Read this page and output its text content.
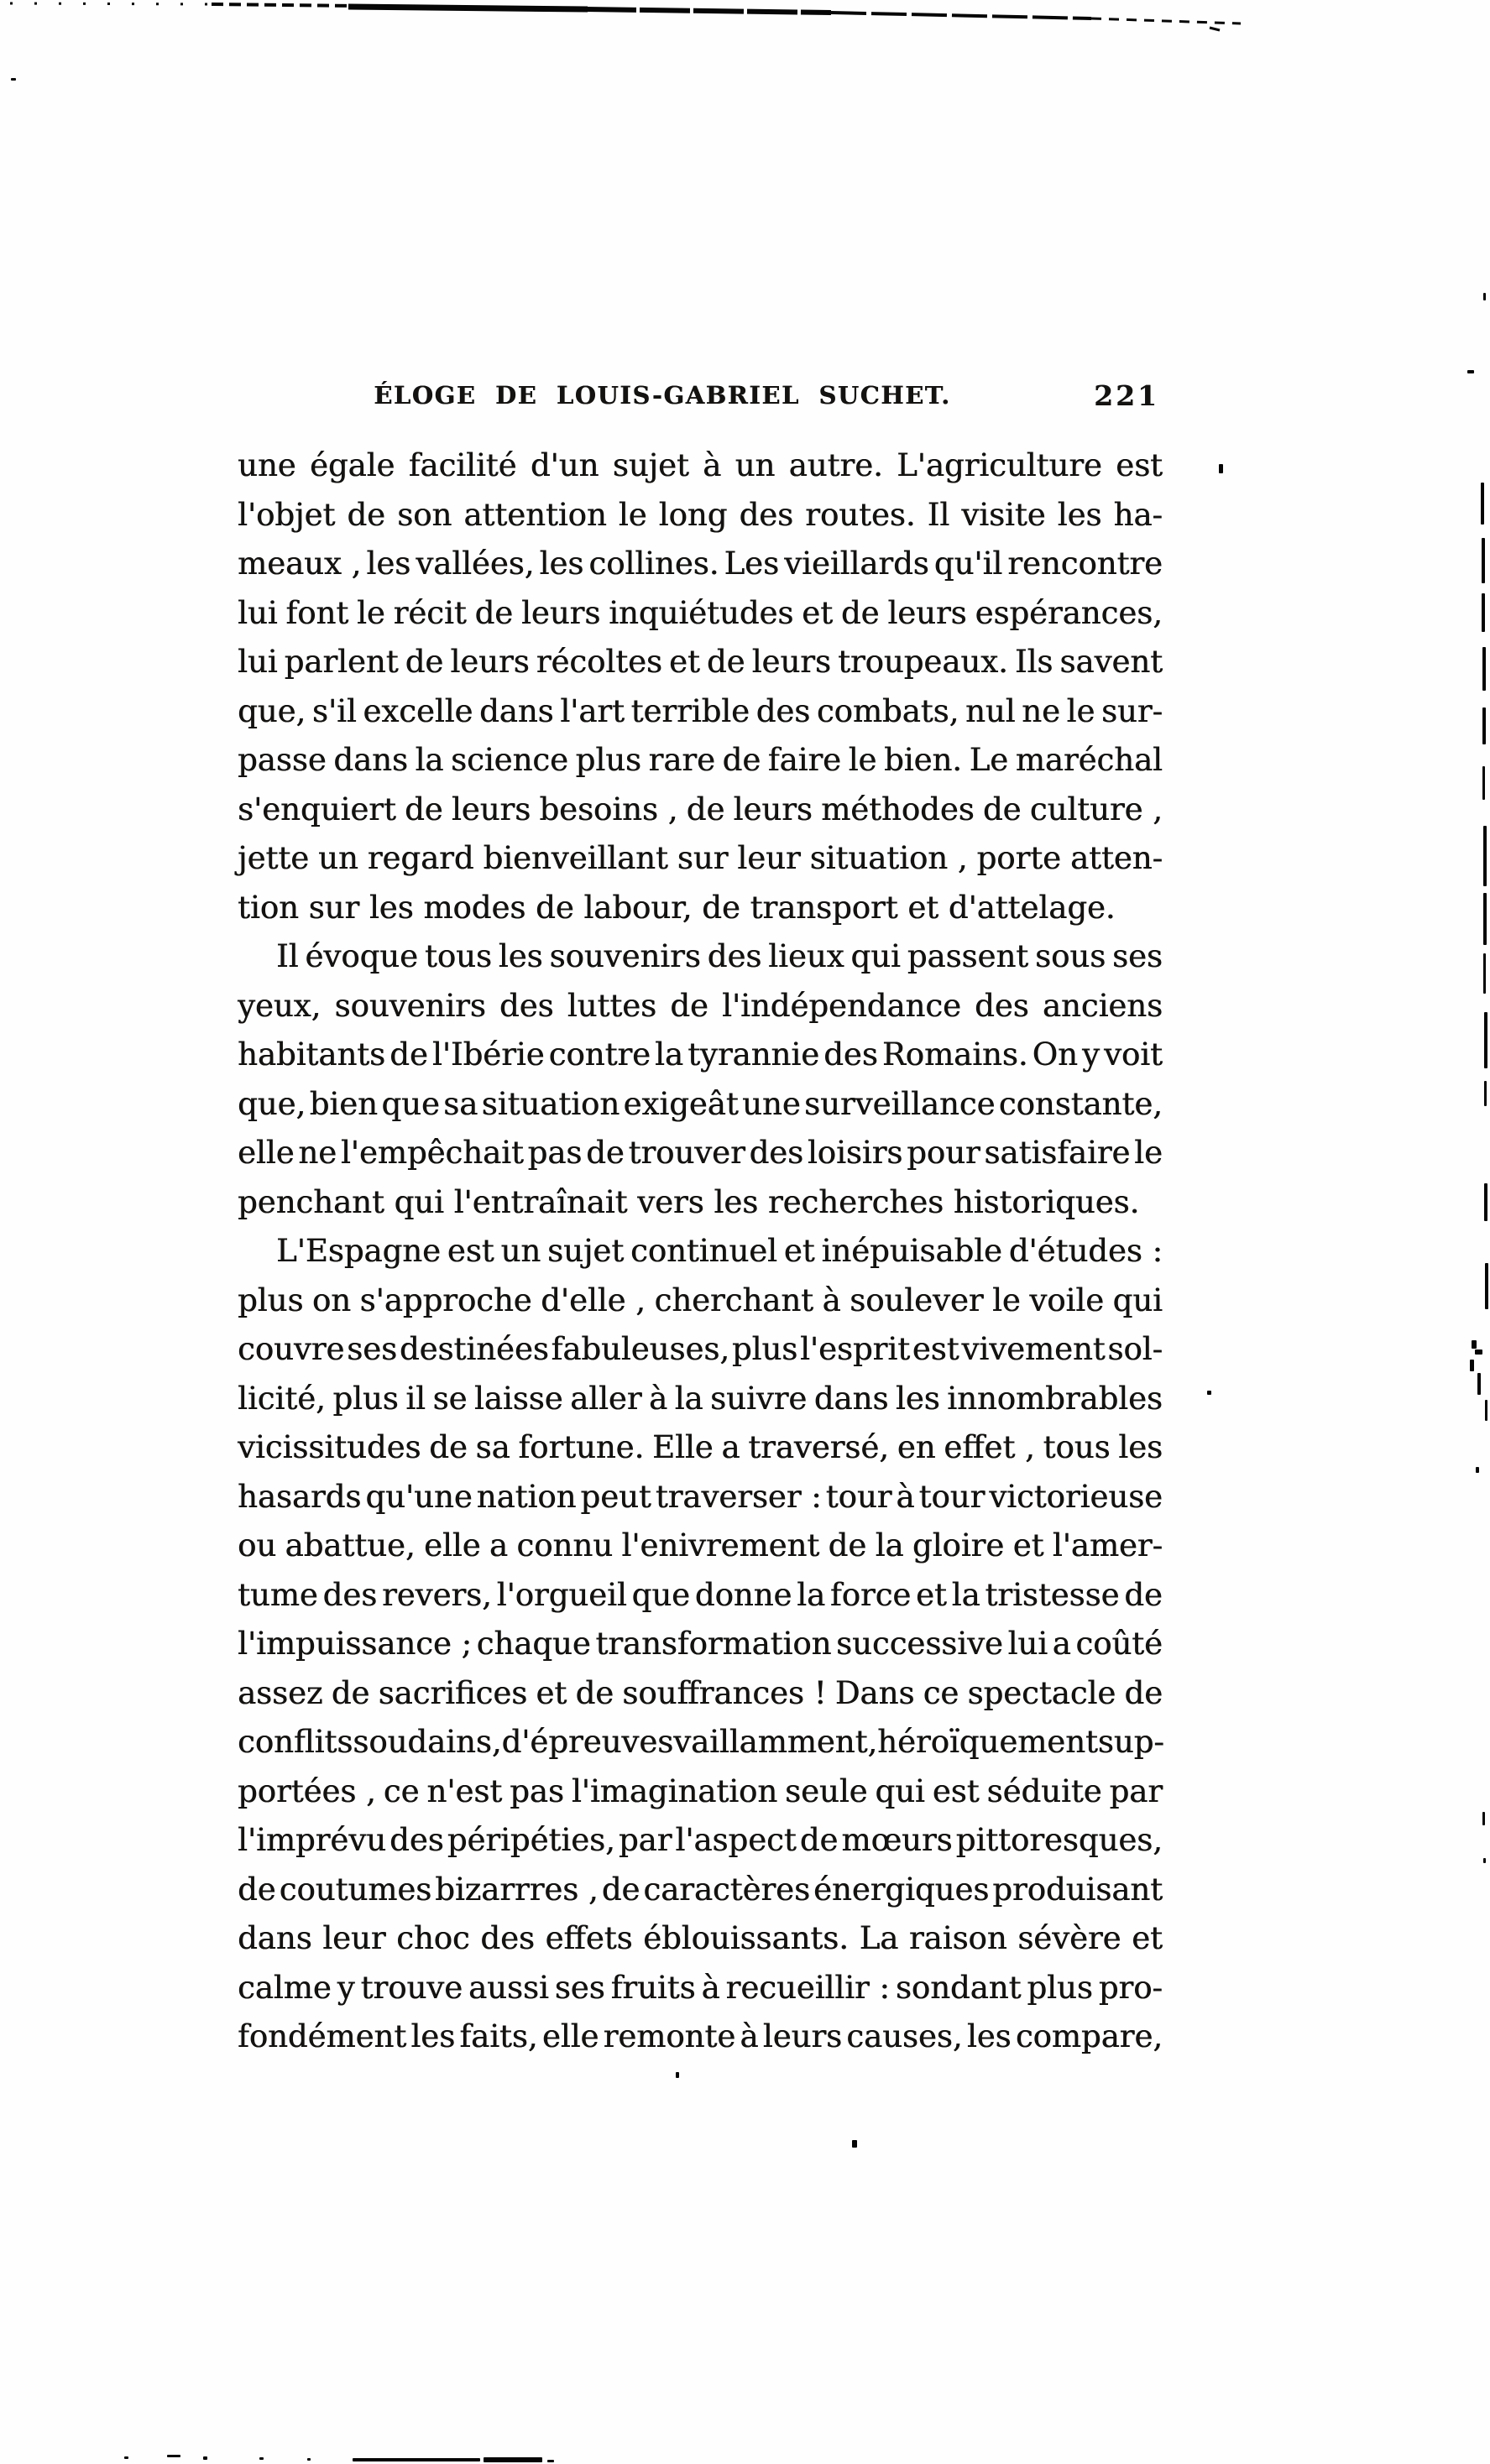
ÉLOGE DE LOUIS-GABRIEL SUCHET.	221
une égale facilité d'un sujet à un autre. L'agriculture est
l'objet de son attention le long des routes. Il visite les ha-
meaux , les vallées, les collines. Les vieillards qu'il rencontre
lui font le récit de leurs inquiétudes et de leurs espérances,
lui parlent de leurs récoltes et de leurs troupeaux. Ils savent
que, s'il excelle dans l'art terrible des combats, nul ne le sur-
passe dans la science plus rare de faire le bien. Le maréchal
s'enquiert de leurs besoins , de leurs méthodes de culture ,
jette un regard bienveillant sur leur situation , porte atten-
tion sur les modes de labour, de transport et d'attelage.
Il évoque tous les souvenirs des lieux qui passent sous ses
yeux, souvenirs des luttes de l'indépendance des anciens
habitants de l'Ibérie contre la tyrannie des Romains. On y voit
que, bien que sa situation exigeât une surveillance constante,
elle ne l'empêchait pas de trouver des loisirs pour satisfaire le
penchant qui l'entraînait vers les recherches historiques.
L'Espagne est un sujet continuel et inépuisable d'études :
plus on s'approche d'elle , cherchant à soulever le voile qui
couvre ses destinées fabuleuses, plus l'esprit est vivement sol-
licité, plus il se laisse aller à la suivre dans les innombrables
vicissitudes de sa fortune. Elle a traversé, en effet , tous les
hasards qu'une nation peut traverser : tour à tour victorieuse
ou abattue, elle a connu l'enivrement de la gloire et l'amer-
tume des revers, l'orgueil que donne la force et la tristesse de
l'impuissance ; chaque transformation successive lui a coûté
assez de sacrifices et de souffrances ! Dans ce spectacle de
conflits soudains, d'épreuves vaillamment, héroïquement sup-
portées , ce n'est pas l'imagination seule qui est séduite par
l'imprévu des péripéties, par l'aspect de mœurs pittoresques,
de coutumes bizarrres , de caractères énergiques produisant
dans leur choc des effets éblouissants. La raison sévère et
calme y trouve aussi ses fruits à recueillir : sondant plus pro-
fondément les faits, elle remonte à leurs causes, les compare,
